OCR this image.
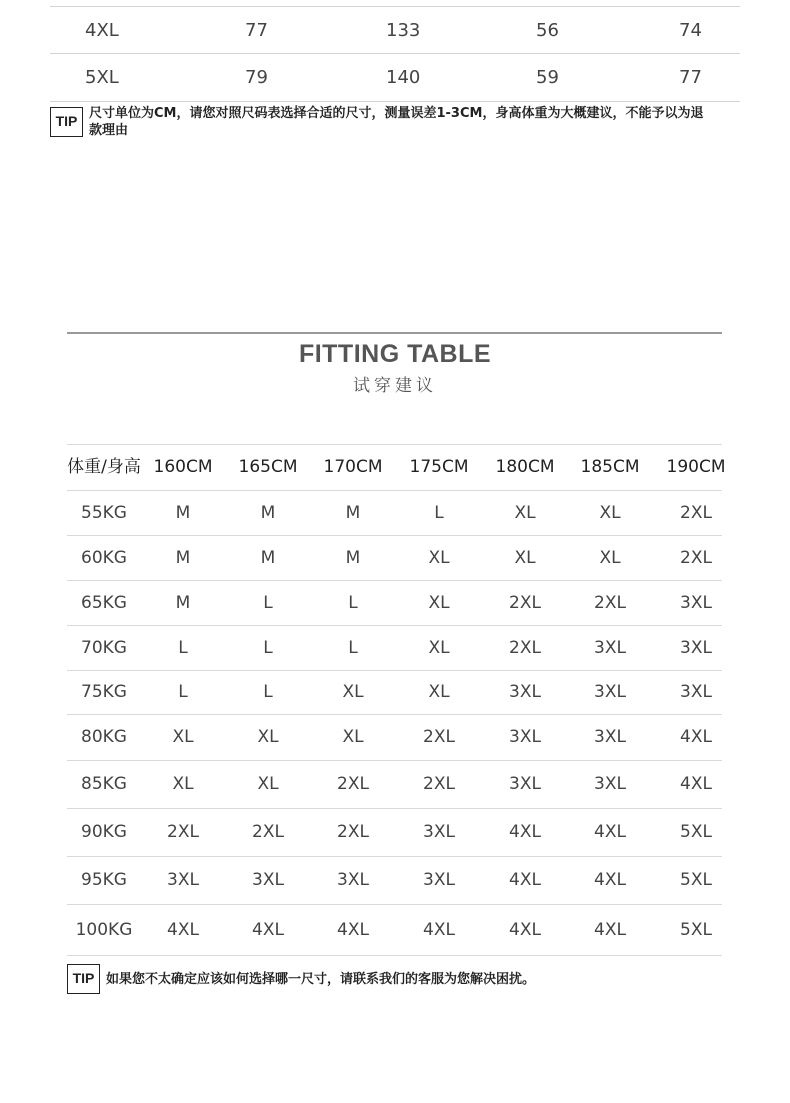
4XL	77	133	56	74
5XL	79	140	59	77
TIP 尺寸单位为CM，请您对照尺码表选择合适的尺寸，测量误差1-3CM，身高体重为大概建议，不能予以为退
款理由
FITTING TABLE
试穿建议
体重/身高 160CM 165CM 170CM 175CM 180CM 185CM 190CM
55KG	M	M	M	L	XL	XL	2XL
60KG	M	M	M	XL	XL	XL	2XL
65KG	M	L	L	XL	2XL	2XL	3XL
70KG	L	L	L	XL	2XL	3XL	3XL
75KG	L	L	XL	XL	3XL	3XL	3XL
80KG	XL	XL	XL	2XL	3XL	3XL	4XL
85KG	XL	XL	2XL	2XL	3XL	3XL	4XL
90KG 2XL	2XL	2XL	3XL	4XL	4XL	5XL
95KG 3XL	3XL	3XL	3XL	4XL	4XL	5XL
100KG 4XL	4XL	4XL	4XL	4XL	4XL	5XL
TIP 如果您不太确定应该如何选择哪一尺寸，请联系我们的客服为您解决困扰。
